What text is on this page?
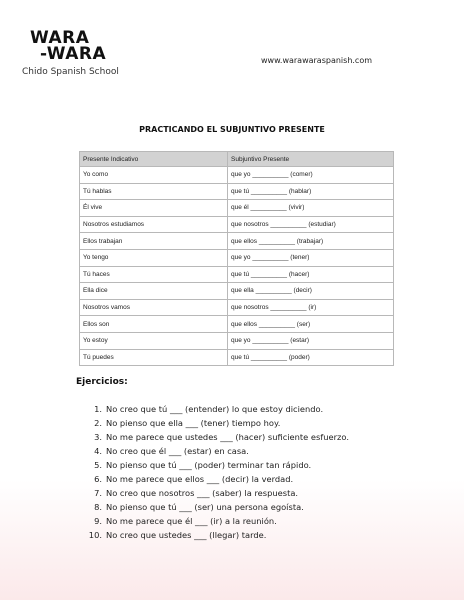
WARA
-WARA
Chido Spanish School
www.warawaraspanish.com
PRACTICANDO EL SUBJUNTIVO PRESENTE
Presente Indicativo	Subjuntivo Presente
Yo como	que yo __________ (comer)
Tú hablas	que tú __________ (hablar)
Él vive	que él __________ (vivir)
Nosotros estudiamos	que nosotros __________ (estudiar)
Ellos trabajan	que ellos __________ (trabajar)
Yo tengo	que yo __________ (tener)
Tú haces	que tú __________ (hacer)
Ella dice	que ella __________ (decir)
Nosotros vamos	que nosotros __________ (ir)
Ellos son	que ellos __________ (ser)
Yo estoy	que yo __________ (estar)
Tú puedes	que tú __________ (poder)
Ejercicios:
1. No creo que tú ___ (entender) lo que estoy diciendo.
2. No pienso que ella ___ (tener) tiempo hoy.
3. No me parece que ustedes ___ (hacer) suficiente esfuerzo.
4. No creo que él ___ (estar) en casa.
5. No pienso que tú ___ (poder) terminar tan rápido.
6. No me parece que ellos ___ (decir) la verdad.
7. No creo que nosotros ___ (saber) la respuesta.
8. No pienso que tú ___ (ser) una persona egoísta.
9. No me parece que él ___ (ir) a la reunión.
10. No creo que ustedes ___ (llegar) tarde.
